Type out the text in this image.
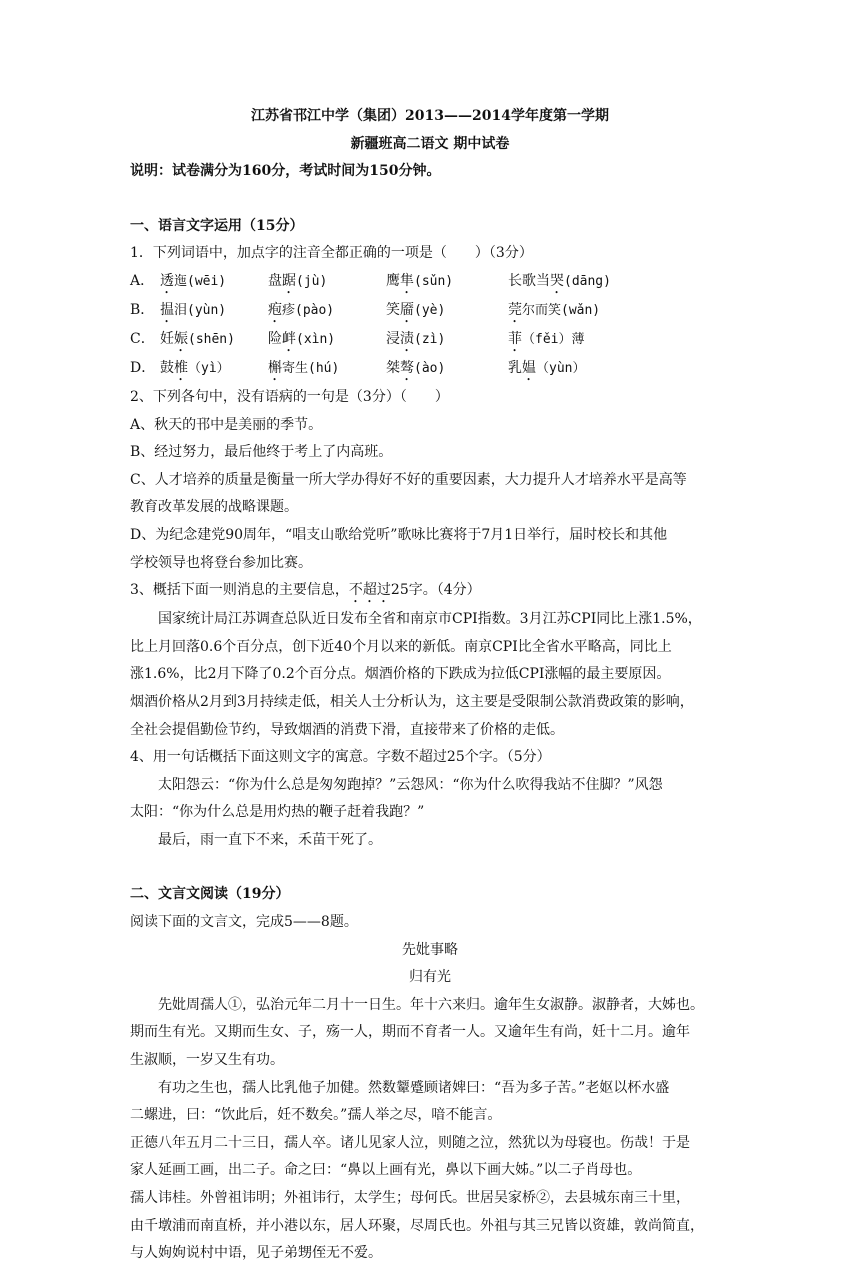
江苏省邗江中学（集团）2013——2014学年度第一学期
新疆班高二语文 期中试卷
说明：试卷满分为160分，考试时间为150分钟。
一、语言文字运用（15分）
1．下列词语中，加点字的注音全都正确的一项是（　　）（3分）
A． 透迤(wēi)	盘踞(jù)	鹰隼(sǔn)	长歌当哭(dāng)
B． 揾泪(yùn)	疱疹(pào)	笑靥(yè)	莞尔而笑(wǎn)
C． 妊娠(shēn)	险衅(xìn)	浸渍(zì)	菲（fěi）薄
D． 鼓椎（yì）	槲寄生(hú)	桀骜(ào)	乳媪（yùn）
2、下列各句中，没有语病的一句是（3分）（　　）
A、秋天的邗中是美丽的季节。
B、经过努力，最后他终于考上了内高班。
C、人才培养的质量是衡量一所大学办得好不好的重要因素，大力提升人才培养水平是高等
教育改革发展的战略课题。
D、为纪念建党90周年，“唱支山歌给党听”歌咏比赛将于7月1日举行，届时校长和其他
学校领导也将登台参加比赛。
3、概括下面一则消息的主要信息，不超过25字。（4分）
国家统计局江苏调查总队近日发布全省和南京市CPI指数。3月江苏CPI同比上涨1.5%，
比上月回落0.6个百分点，创下近40个月以来的新低。南京CPI比全省水平略高，同比上
涨1.6%，比2月下降了0.2个百分点。烟酒价格的下跌成为拉低CPI涨幅的最主要原因。
烟酒价格从2月到3月持续走低，相关人士分析认为，这主要是受限制公款消费政策的影响，
全社会提倡勤俭节约，导致烟酒的消费下滑，直接带来了价格的走低。
4、用一句话概括下面这则文字的寓意。字数不超过25个字。（5分）
太阳怨云：“你为什么总是匆匆跑掉？”云怨风：“你为什么吹得我站不住脚？”风怨
太阳：“你为什么总是用灼热的鞭子赶着我跑？”
最后，雨一直下不来，禾苗干死了。
二、文言文阅读（19分）
阅读下面的文言文，完成5——8题。
先妣事略
归有光
先妣周孺人①，弘治元年二月十一日生。年十六来归。逾年生女淑静。淑静者，大姊也。
期而生有光。又期而生女、子，殇一人，期而不育者一人。又逾年生有尚，妊十二月。逾年
生淑顺，一岁又生有功。
有功之生也，孺人比乳他子加健。然数颦蹙顾诸婢曰：“吾为多子苦。”老妪以杯水盛
二螺进，曰：“饮此后，妊不数矣。”孺人举之尽，喑不能言。
正德八年五月二十三日，孺人卒。诸儿见家人泣，则随之泣，然犹以为母寝也。伤哉！于是
家人延画工画，出二子。命之曰：“鼻以上画有光，鼻以下画大姊。”以二子肖母也。
孺人讳桂。外曾祖讳明；外祖讳行，太学生；母何氏。世居吴家桥②，去县城东南三十里，
由千墩浦而南直桥，并小港以东，居人环聚，尽周氏也。外祖与其三兄皆以资雄，敦尚简直，
与人姁姁说村中语，见子弟甥侄无不爱。
